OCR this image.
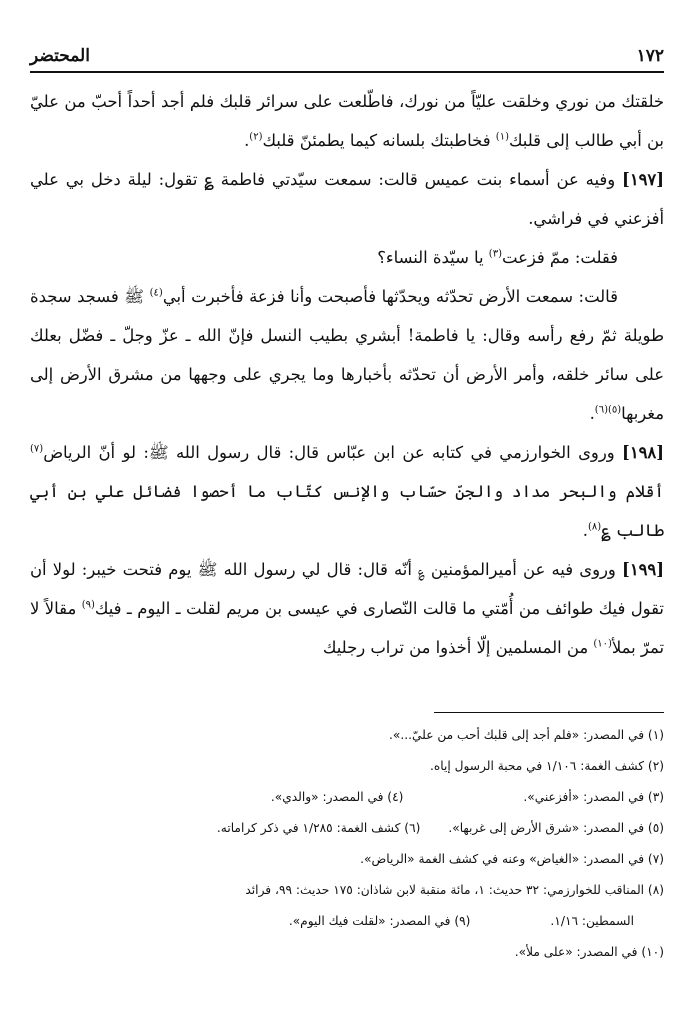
١٧٢
المحتضر

خلقتك من نوري وخلقت عليّاً من نورك، فاطّلعت على سرائر قلبك فلم أجد أحداً أحبّ من عليّ بن أبي طالب إلى قلبك$^{(١)}$ فخاطبتك بلسانه كيما يطمئنّ قلبك$^{(٢)}$.

[١٩٧] وفيه عن أسماء بنت عميس قالت: سمعت سيّدتي فاطمة ؏ تقول: ليلة دخل بي علي أفزعني في فراشي.

فقلت: ممّ فزعت$^{(٣)}$ يا سيّدة النساء؟

قالت: سمعت الأرض تحدّثه ويحدّثها فأصبحت وأنا فزعة فأخبرت أبي$^{(٤)}$ ﷺ فسجد سجدة طويلة ثمّ رفع رأسه وقال: يا فاطمة! أبشري بطيب النسل فإنّ الله ـ عزّ وجلّ ـ فضّل بعلك على سائر خلقه، وأمر الأرض أن تحدّثه بأخبارها وما يجري على وجهها من مشرق الأرض إلى مغربها$^{(٥)(٦)}$.

[١٩٨] وروى الخوارزمي في كتابه عن ابن عبّاس قال: قال رسول الله ﷺ: لو أنّ الرياض$^{(٧)}$ أقلام والبحر مداد والجنّ حسّاب والإنس كتّاب ما أحصوا فضائل علي بن أبي طالب ؏$^{(٨)}$.

[١٩٩] وروى فيه عن أميرالمؤمنين ؏ أنّه قال: قال لي رسول الله ﷺ يوم فتحت خيبر: لولا أن تقول فيك طوائف من أُمّتي ما قالت النّصارى في عيسى بن مريم لقلت ـ اليوم ـ فيك$^{(٩)}$ مقالاً لا تمرّ بملأ$^{(١٠)}$ من المسلمين إلّا أخذوا من تراب رجليك

(١) في المصدر: «فلم أجد إلى قلبك أحب من عليّ...».
(٢) كشف الغمة: ١/١٠٦ في محبة الرسول إياه.
(٣) في المصدر: «أفزعني».
(٤) في المصدر: «والدي».
(٥) في المصدر: «شرق الأرض إلى غربها».
(٦) كشف الغمة: ١/٢٨٥ في ذكر كراماته.
(٧) في المصدر: «الغياض» وعنه في كشف الغمة «الرياض».
(٨) المناقب للخوارزمي: ٣٢ حديث: ١، مائة منقبة لابن شاذان: ١٧٥ حديث: ٩٩، فرائد
السمطين: ١/١٦.
(٩) في المصدر: «لقلت فيك اليوم».
(١٠) في المصدر: «على ملأ».
